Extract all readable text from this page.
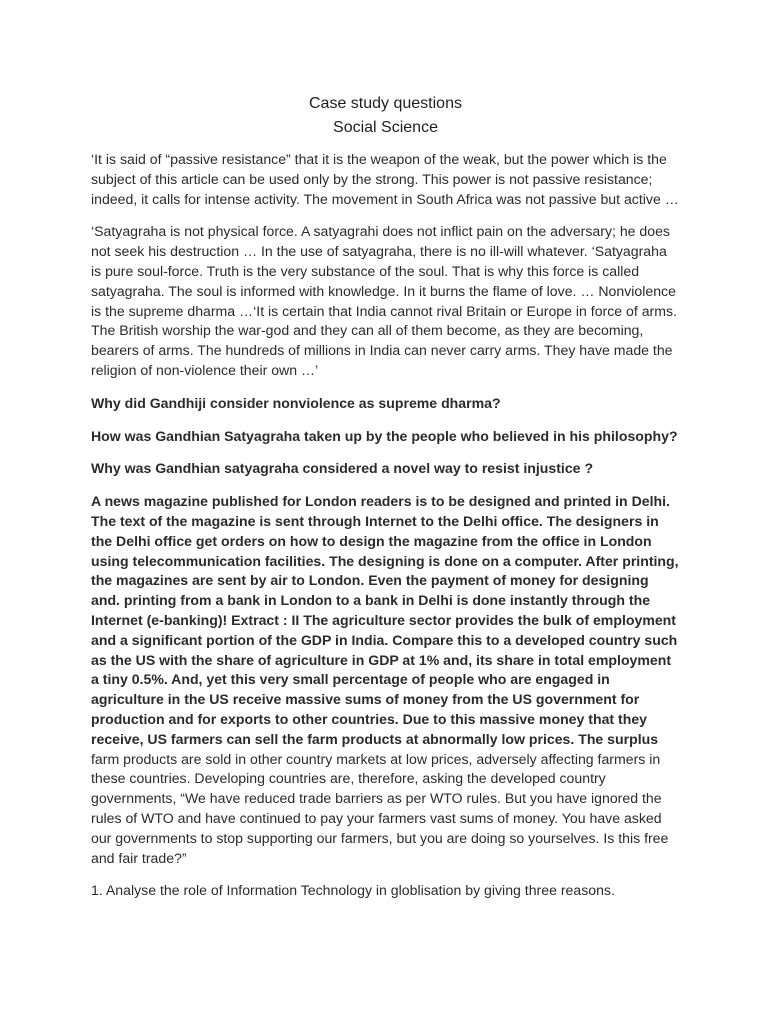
Case study questions
Social Science

‘It is said of “passive resistance” that it is the weapon of the weak, but the power which is the subject of this article can be used only by the strong. This power is not passive resistance; indeed, it calls for intense activity. The movement in South Africa was not passive but active …

‘Satyagraha is not physical force. A satyagrahi does not inflict pain on the adversary; he does not seek his destruction … In the use of satyagraha, there is no ill-will whatever. ‘Satyagraha is pure soul-force. Truth is the very substance of the soul. That is why this force is called satyagraha. The soul is informed with knowledge. In it burns the flame of love. … Nonviolence is the supreme dharma …‘It is certain that India cannot rival Britain or Europe in force of arms. The British worship the war-god and they can all of them become, as they are becoming, bearers of arms. The hundreds of millions in India can never carry arms. They have made the religion of non-violence their own …’

Why did Gandhiji consider nonviolence as supreme dharma?

How was Gandhian Satyagraha taken up by the people who believed in his philosophy?

Why was Gandhian satyagraha considered a novel way to resist injustice ?

A news magazine published for London readers is to be designed and printed in Delhi. The text of the magazine is sent through Internet to the Delhi office. The designers in the Delhi office get orders on how to design the magazine from the office in London using telecommunication facilities. The designing is done on a computer. After printing, the magazines are sent by air to London. Even the payment of money for designing and. printing from a bank in London to a bank in Delhi is done instantly through the Internet (e-banking)! Extract : II The agriculture sector provides the bulk of employment and a significant portion of the GDP in India. Compare this to a developed country such as the US with the share of agriculture in GDP at 1% and, its share in total employment a tiny 0.5%. And, yet this very small percentage of people who are engaged in agriculture in the US receive massive sums of money from the US government for production and for exports to other countries. Due to this massive money that they receive, US farmers can sell the farm products at abnormally low prices. The surplus farm products are sold in other country markets at low prices, adversely affecting farmers in these countries. Developing countries are, therefore, asking the developed country governments, “We have reduced trade barriers as per WTO rules. But you have ignored the rules of WTO and have continued to pay your farmers vast sums of money. You have asked our governments to stop supporting our farmers, but you are doing so yourselves. Is this free and fair trade?”

1. Analyse the role of Information Technology in globlisation by giving three reasons.
